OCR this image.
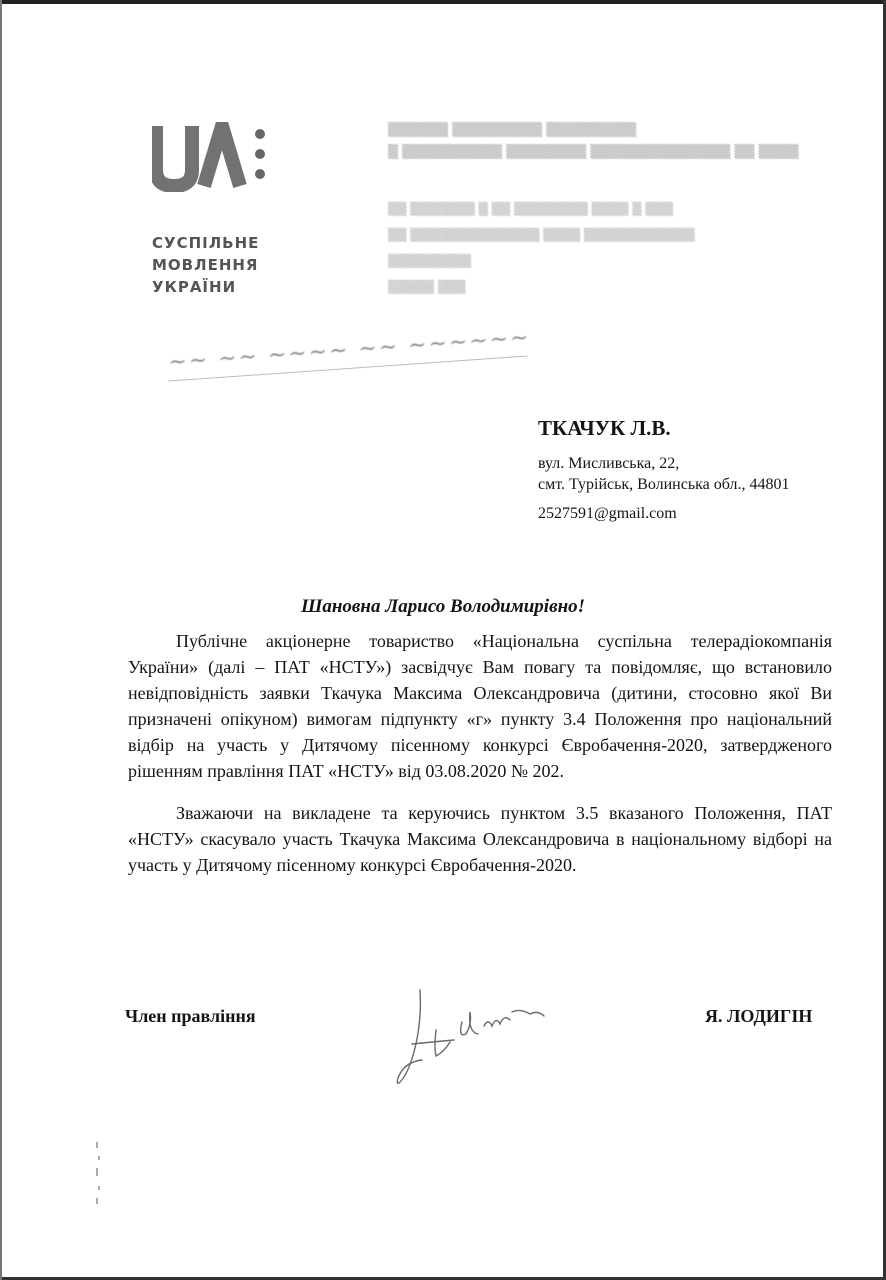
СУСПІЛЬНЕ
МОВЛЕННЯ
УКРАЇНИ
▒▒▒▒▒▒ ▒▒▒▒▒▒▒▒▒ ▒▒▒▒▒▒▒▒▒
▒ ▒▒▒▒▒▒▒▒▒▒ ▒▒▒▒▒▒▒▒ ▒▒▒▒▒▒▒▒▒▒▒▒▒▒ ▒▒ ▒▒▒▒
▒▒ ▒▒▒▒▒▒▒ ▒ ▒▒ ▒▒▒▒▒▒▒▒ ▒▒▒▒ ▒ ▒▒▒
▒▒ ▒▒▒▒▒▒▒▒▒▒▒▒▒▒ ▒▒▒▒ ▒▒▒▒▒▒▒▒▒▒▒▒
▒▒▒▒▒▒▒▒▒
▒▒▒▒▒ ▒▒▒
~~ ~~ ~~~~ ~~ ~~~~~~
ТКАЧУК Л.В.
вул. Мисливська, 22,
смт. Турійськ, Волинська обл., 44801
2527591@gmail.com
Шановна Ларисо Володимирівно!

Публічне акціонерне товариство «Національна суспільна телерадіокомпанія України» (далі – ПАТ «НСТУ») засвідчує Вам повагу та повідомляє, що встановило невідповідність заявки Ткачука Максима Олександровича (дитини, стосовно якої Ви призначені опікуном) вимогам підпункту «г» пункту 3.4 Положення про національний відбір на участь у Дитячому пісенному конкурсі Євробачення-2020, затвердженого рішенням правління ПАТ «НСТУ» від 03.08.2020 № 202.

Зважаючи на викладене та керуючись пунктом 3.5 вказаного Положення, ПАТ «НСТУ» скасувало участь Ткачука Максима Олександровича в національному відборі на участь у Дитячому пісенному конкурсі Євробачення-2020.

Член правління	Я. ЛОДИГІН
